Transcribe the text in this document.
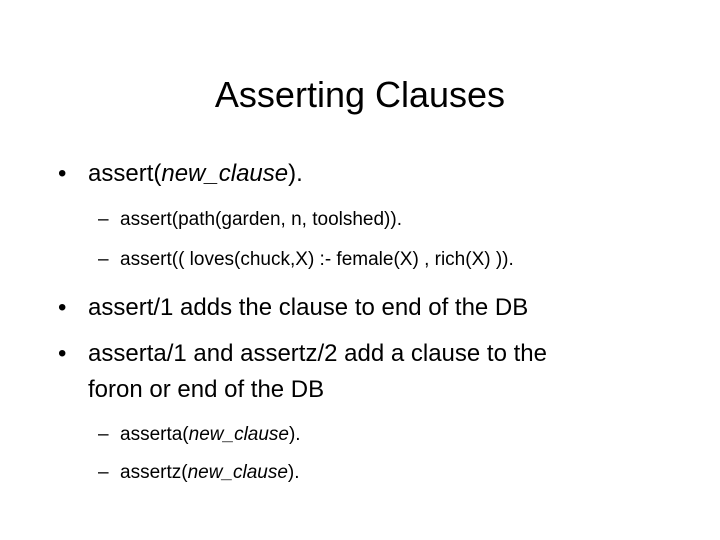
Asserting Clauses
• assert(new_clause).
– assert(path(garden, n, toolshed)).
– assert(( loves(chuck,X) :- female(X) , rich(X) )).
• assert/1 adds the clause to end of the DB
• asserta/1 and assertz/2 add a clause to the
foron or end of the DB
– asserta(new_clause).
– assertz(new_clause).
